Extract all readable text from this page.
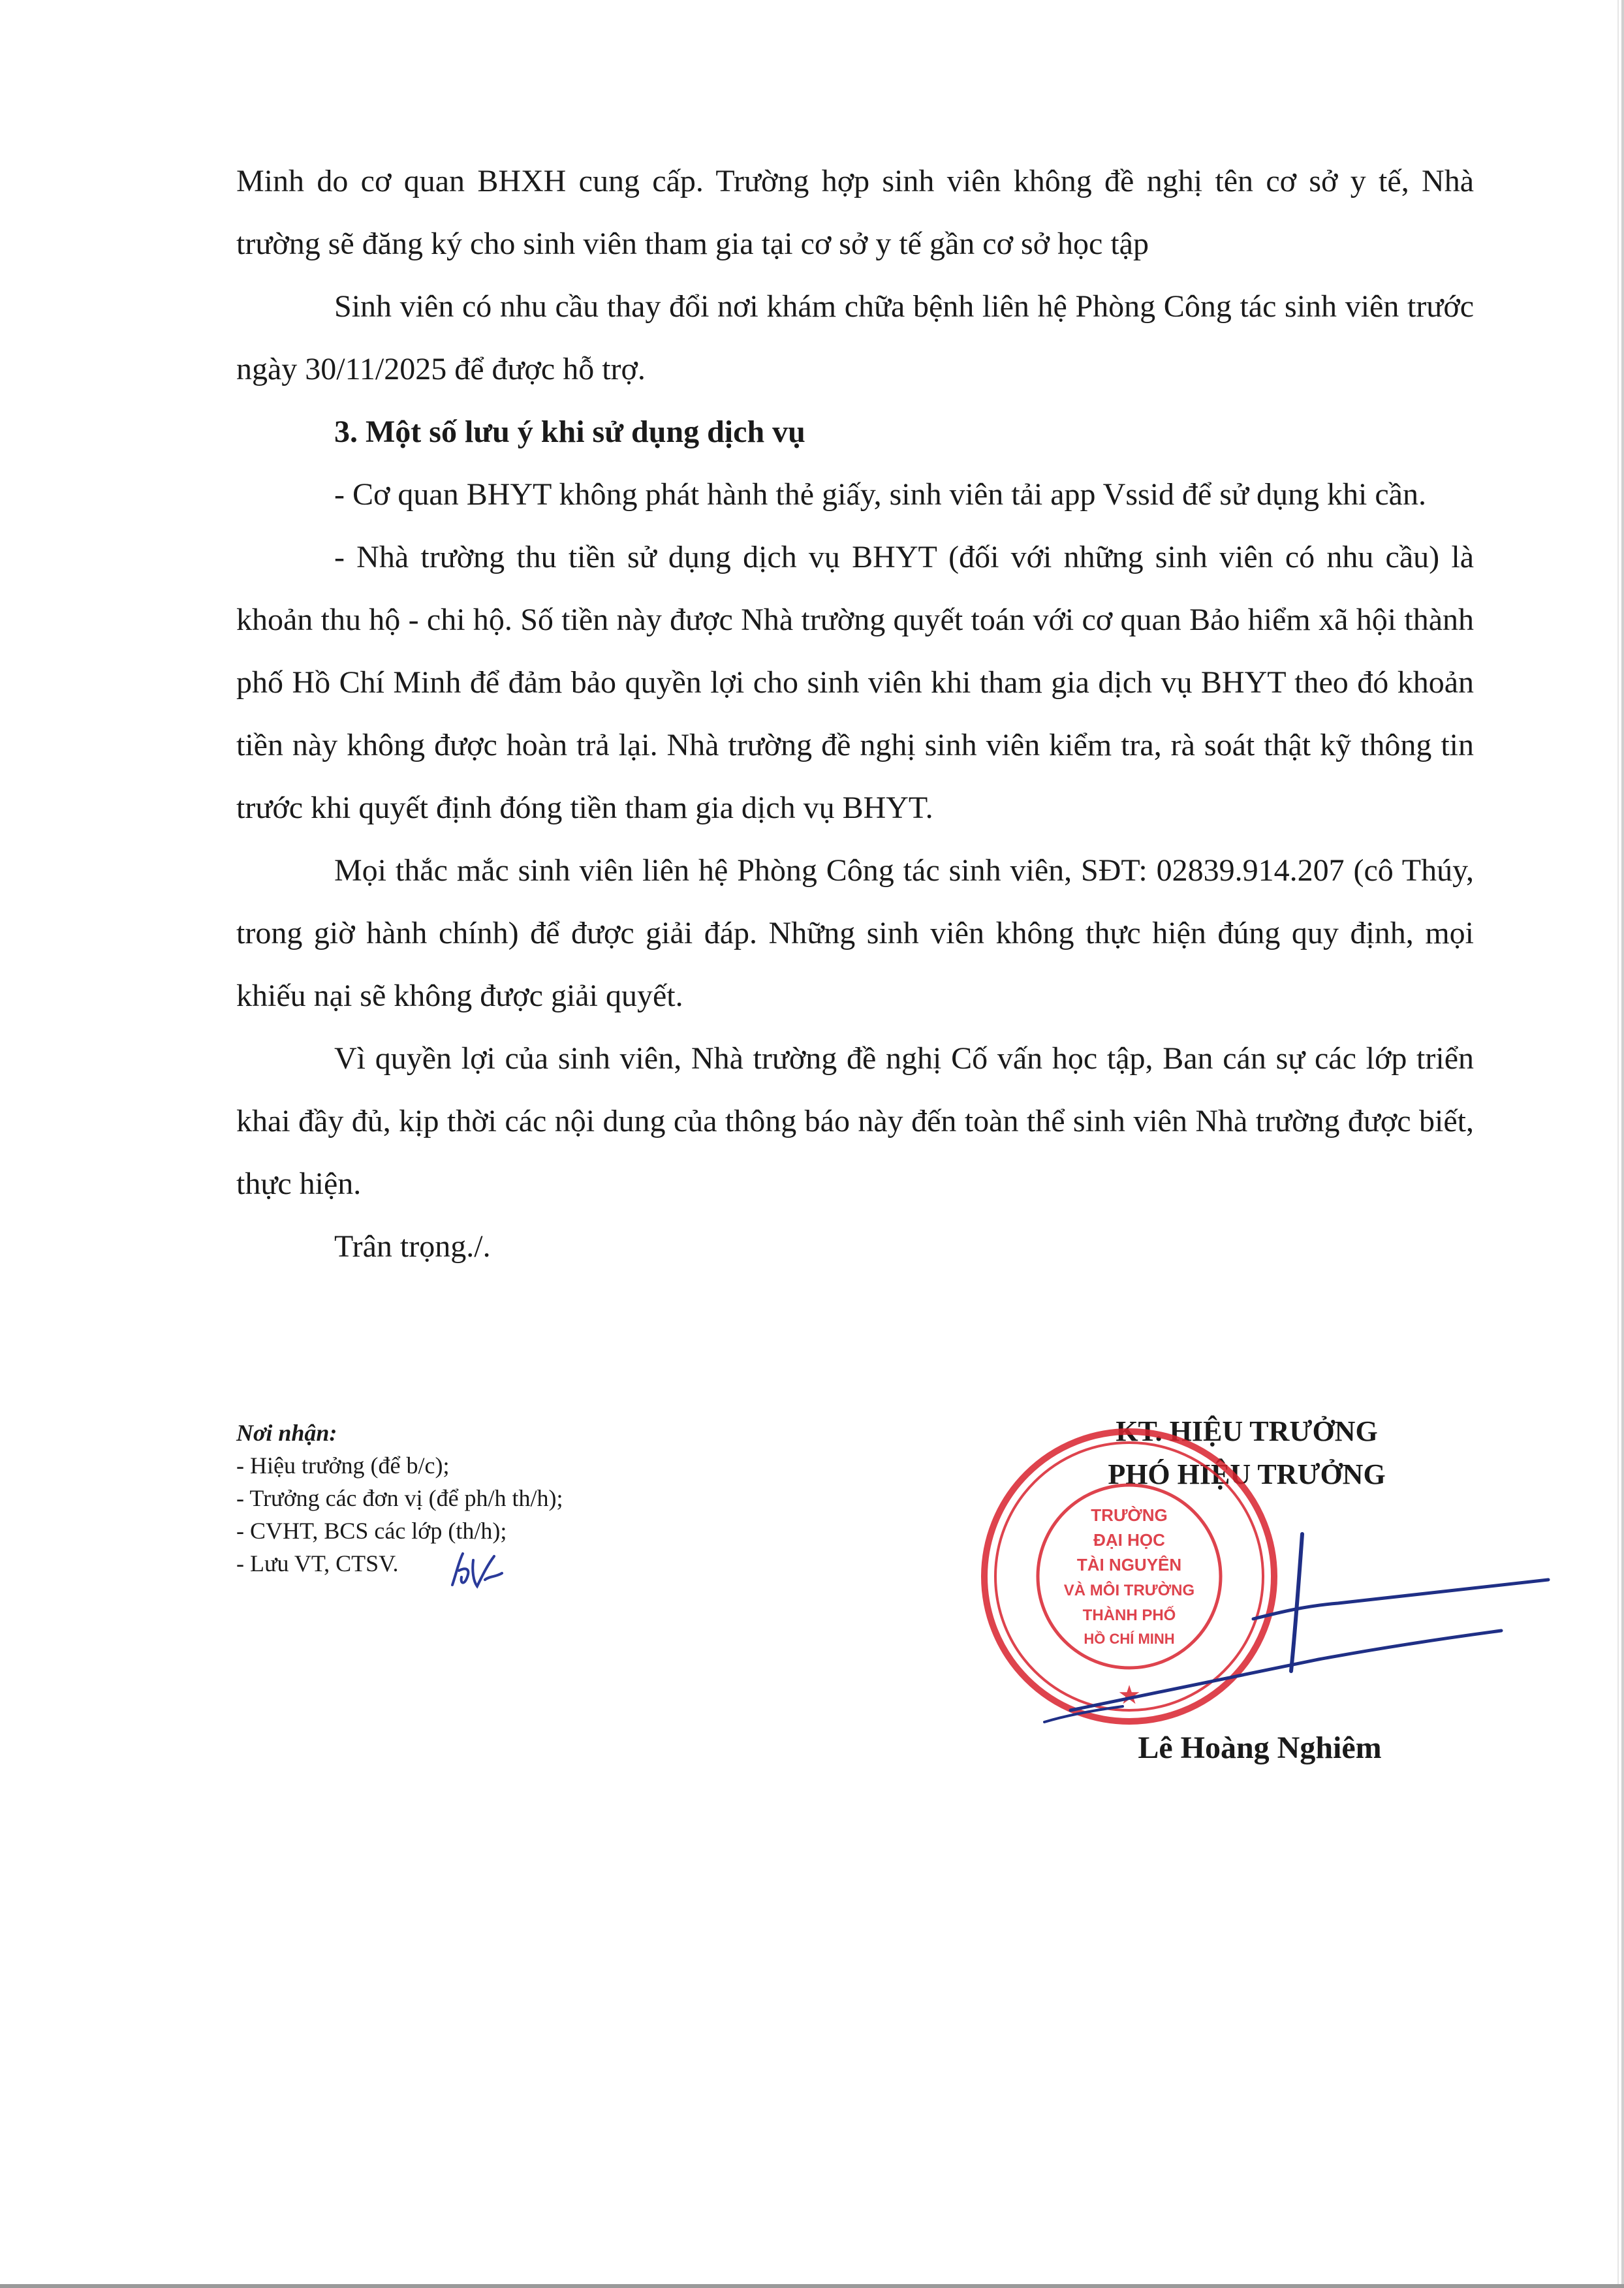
Minh do cơ quan BHXH cung cấp. Trường hợp sinh viên không đề nghị tên cơ sở y tế, Nhà trường sẽ đăng ký cho sinh viên tham gia tại cơ sở y tế gần cơ sở học tập

Sinh viên có nhu cầu thay đổi nơi khám chữa bệnh liên hệ Phòng Công tác sinh viên trước ngày 30/11/2025 để được hỗ trợ.

3. Một số lưu ý khi sử dụng dịch vụ

- Cơ quan BHYT không phát hành thẻ giấy, sinh viên tải app Vssid để sử dụng khi cần.

- Nhà trường thu tiền sử dụng dịch vụ BHYT (đối với những sinh viên có nhu cầu) là khoản thu hộ - chi hộ. Số tiền này được Nhà trường quyết toán với cơ quan Bảo hiểm xã hội thành phố Hồ Chí Minh để đảm bảo quyền lợi cho sinh viên khi tham gia dịch vụ BHYT theo đó khoản tiền này không được hoàn trả lại. Nhà trường đề nghị sinh viên kiểm tra, rà soát thật kỹ thông tin trước khi quyết định đóng tiền tham gia dịch vụ BHYT.

Mọi thắc mắc sinh viên liên hệ Phòng Công tác sinh viên, SĐT: 02839.914.207 (cô Thúy, trong giờ hành chính) để được giải đáp. Những sinh viên không thực hiện đúng quy định, mọi khiếu nại sẽ không được giải quyết.

Vì quyền lợi của sinh viên, Nhà trường đề nghị Cố vấn học tập, Ban cán sự các lớp triển khai đầy đủ, kịp thời các nội dung của thông báo này đến toàn thể sinh viên Nhà trường được biết, thực hiện.

Trân trọng./.

Nơi nhận:
- Hiệu trưởng (để b/c);
- Trưởng các đơn vị (để ph/h th/h);
- CVHT, BCS các lớp (th/h);
- Lưu VT, CTSV.
KT. HIỆU TRƯỞNG
PHÓ HIỆU TRƯỞNG
★
TRƯỜNG
ĐẠI HỌC
TÀI NGUYÊN
VÀ MÔI TRƯỜNG
THÀNH PHỐ
HỒ CHÍ MINH
Lê Hoàng Nghiêm
